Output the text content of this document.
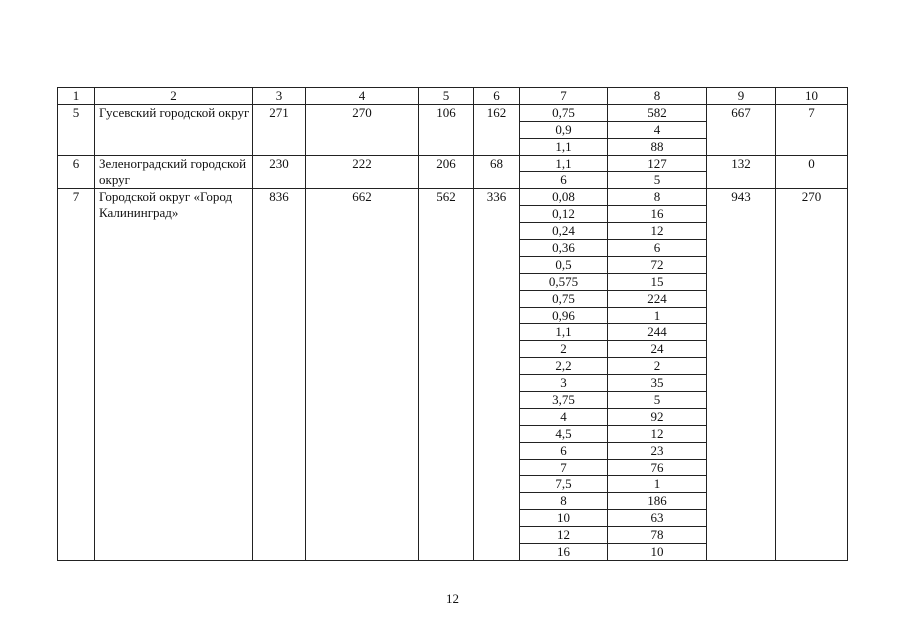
1	2	3	4	5	6	7	8	9	10
5	Гусевский городской округ	271	270	106	162	0,75	582	667	7
						0,9	4		
						1,1	88		
6	Зеленоградский городской округ	230	222	206	68	1,1	127	132	0
						6	5		
7	Городской округ «Город Калининград»	836	662	562	336	0,08	8	943	270
						0,12	16		
						0,24	12		
						0,36	6		
						0,5	72		
						0,575	15		
						0,75	224		
						0,96	1		
						1,1	244		
						2	24		
						2,2	2		
						3	35		
						3,75	5		
						4	92		
						4,5	12		
						6	23		
						7	76		
						7,5	1		
						8	186		
						10	63		
						12	78		
						16	10		
12
